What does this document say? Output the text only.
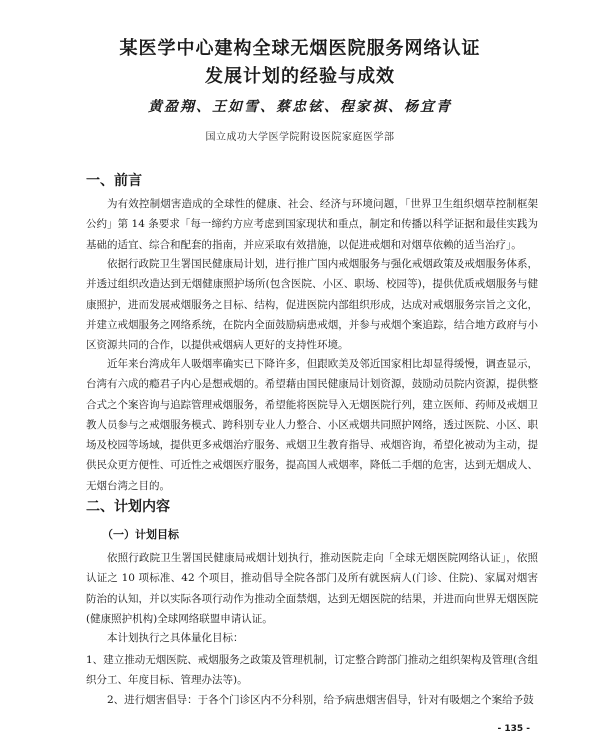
某医学中心建构全球无烟医院服务网络认证
发展计划的经验与成效
黄盈翔、王如雪、蔡忠铉、程家祺、杨宜青
国立成功大学医学院附设医院家庭医学部
一、前言

为有效控制烟害造成的全球性的健康、社会、经济与环境问题，「世界卫生组织烟草控制框架公约」第 14 条要求「每一缔约方应考虑到国家现状和重点，制定和传播以科学证据和最佳实践为基础的适宜、综合和配套的指南，并应采取有效措施，以促进戒烟和对烟草依赖的适当治疗」。

依据行政院卫生署国民健康局计划，进行推广国内戒烟服务与强化戒烟政策及戒烟服务体系，并透过组织改造达到无烟健康照护场所(包含医院、小区、职场、校园等)，提供优质戒烟服务与健康照护，进而发展戒烟服务之目标、结构，促进医院内部组织形成，达成对戒烟服务宗旨之文化，并建立戒烟服务之网络系统，在院内全面鼓励病患戒烟，并参与戒烟个案追踪，结合地方政府与小区资源共同的合作，以提供戒烟病人更好的支持性环境。

近年来台湾成年人吸烟率确实已下降许多，但跟欧美及邻近国家相比却显得缓慢，调查显示，台湾有六成的瘾君子内心是想戒烟的。希望藉由国民健康局计划资源，鼓励动员院内资源，提供整合式之个案咨询与追踪管理戒烟服务，希望能将医院导入无烟医院行列，建立医师、药师及戒烟卫教人员参与之戒烟服务模式、跨科别专业人力整合、小区戒烟共同照护网络，透过医院、小区、职场及校园等场域，提供更多戒烟治疗服务、戒烟卫生教育指导、戒烟咨询，希望化被动为主动，提供民众更方便性、可近性之戒烟医疗服务，提高国人戒烟率，降低二手烟的危害，达到无烟成人、无烟台湾之目的。

二、计划内容
（一）计划目标

依照行政院卫生署国民健康局戒烟计划执行，推动医院走向「全球无烟医院网络认证」，依照认证之 10 项标准、42 个项目，推动倡导全院各部门及所有就医病人(门诊、住院)、家属对烟害防治的认知，并以实际各项行动作为推动全面禁烟，达到无烟医院的结果，并进而向世界无烟医院(健康照护机构)全球网络联盟申请认证。

本计划执行之具体量化目标：

1、建立推动无烟医院、戒烟服务之政策及管理机制，订定整合跨部门推动之组织架构及管理(含组织分工、年度目标、管理办法等)。

2、进行烟害倡导：于各个门诊区内不分科别，给予病患烟害倡导，针对有吸烟之个案给予鼓

- 135 -
